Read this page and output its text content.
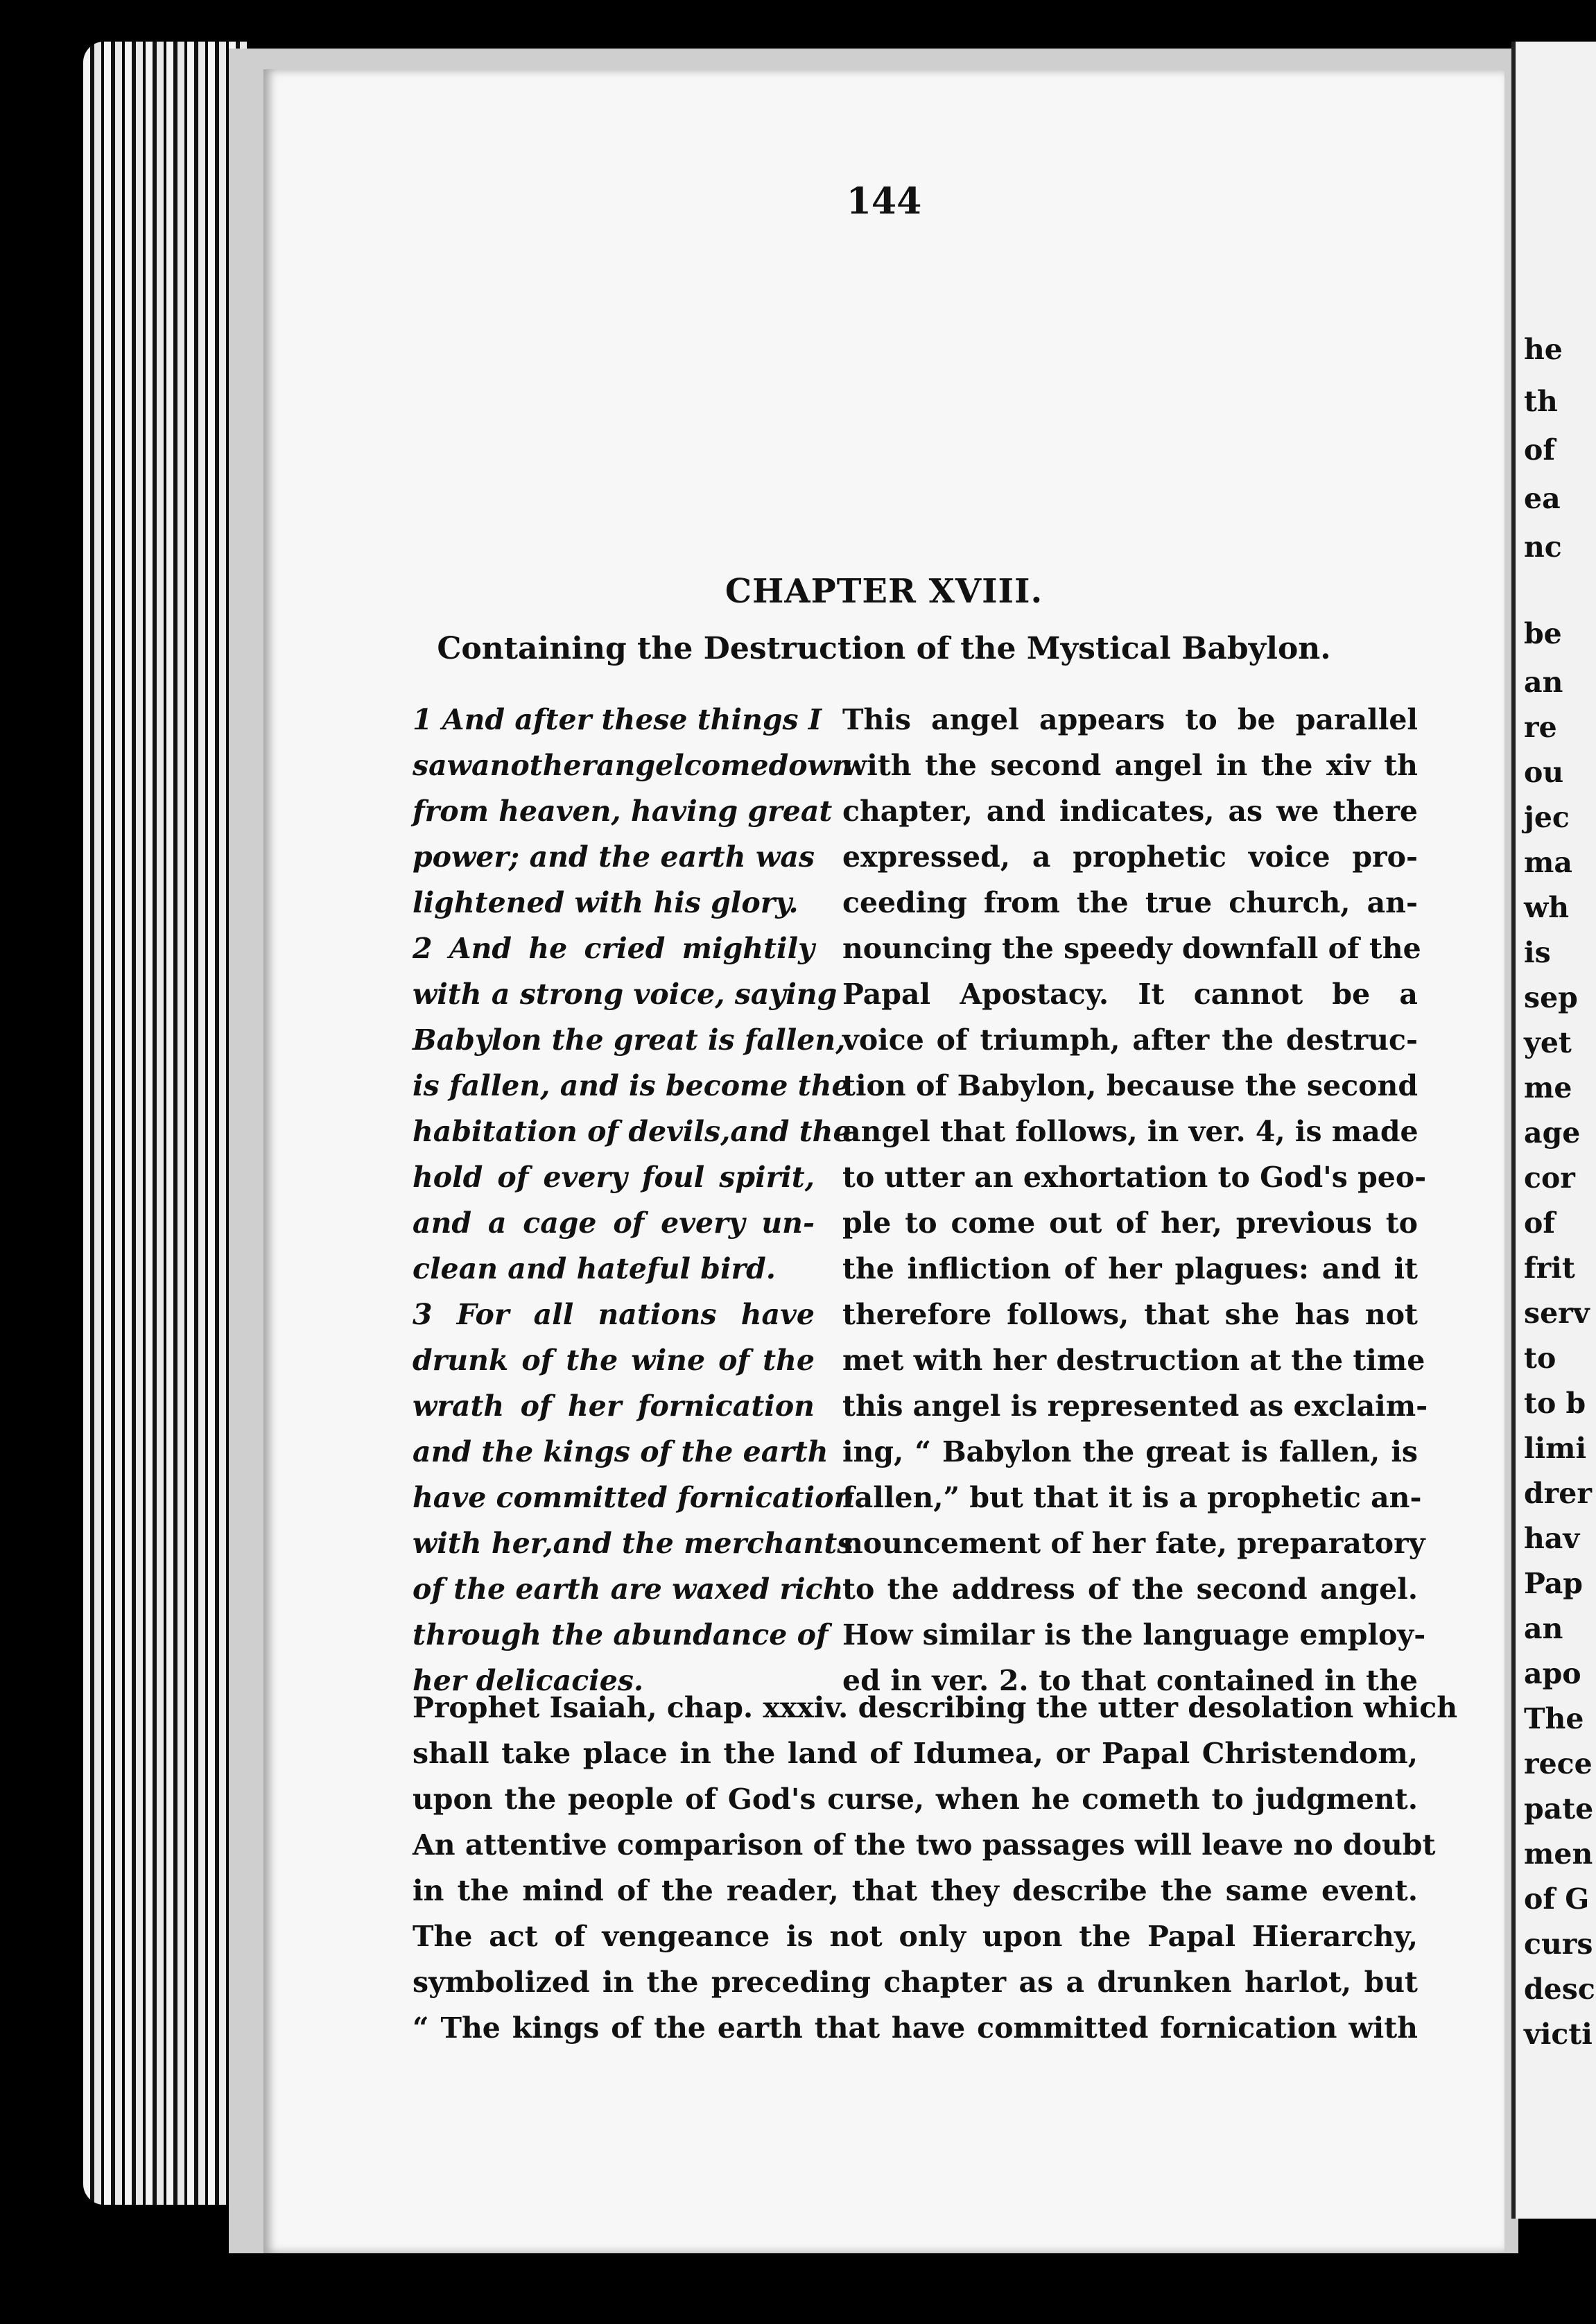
144
CHAPTER XVIII.
Containing the Destruction of the Mystical Babylon.
1 And after these things I
sawanotherangelcomedown
from heaven, having great
power; and the earth was
lightened with his glory.
2 And he cried mightily
with a strong voice, saying
Babylon the great is fallen,
is fallen, and is become the
habitation of devils,and the
hold of every foul spirit,
and a cage of every un-
clean and hateful bird.
3 For all nations have
drunk of the wine of the
wrath of her fornication
and the kings of the earth
have committed fornication
with her,and the merchants
of the earth are waxed rich
through the abundance of
her delicacies.
This angel appears to be parallel
with the second angel in the xiv th
chapter, and indicates, as we there
expressed, a prophetic voice pro-
ceeding from the true church, an-
nouncing the speedy downfall of the
Papal Apostacy. It cannot be a
voice of triumph, after the destruc-
tion of Babylon, because the second
angel that follows, in ver. 4, is made
to utter an exhortation to God's peo-
ple to come out of her, previous to
the infliction of her plagues: and it
therefore follows, that she has not
met with her destruction at the time
this angel is represented as exclaim-
ing, “ Babylon the great is fallen, is
fallen,” but that it is a prophetic an-
nouncement of her fate, preparatory
to the address of the second angel.
How similar is the language employ-
ed in ver. 2. to that contained in the
Prophet Isaiah, chap. xxxiv. describing the utter desolation which
shall take place in the land of Idumea, or Papal Christendom,
upon the people of God's curse, when he cometh to judgment.
An attentive comparison of the two passages will leave no doubt
in the mind of the reader, that they describe the same event.
The act of vengeance is not only upon the Papal Hierarchy,
symbolized in the preceding chapter as a drunken harlot, but
“ The kings of the earth that have committed fornication with
he
th
of
ea
nc
be
an
re
ou
jec
ma
wh
is
sep
yet
me
age
cor
of
frit
serv
to
to b
limi
drer
hav
Pap
an
apo
The
rece
pate
men
of G
curs
desc
victi
